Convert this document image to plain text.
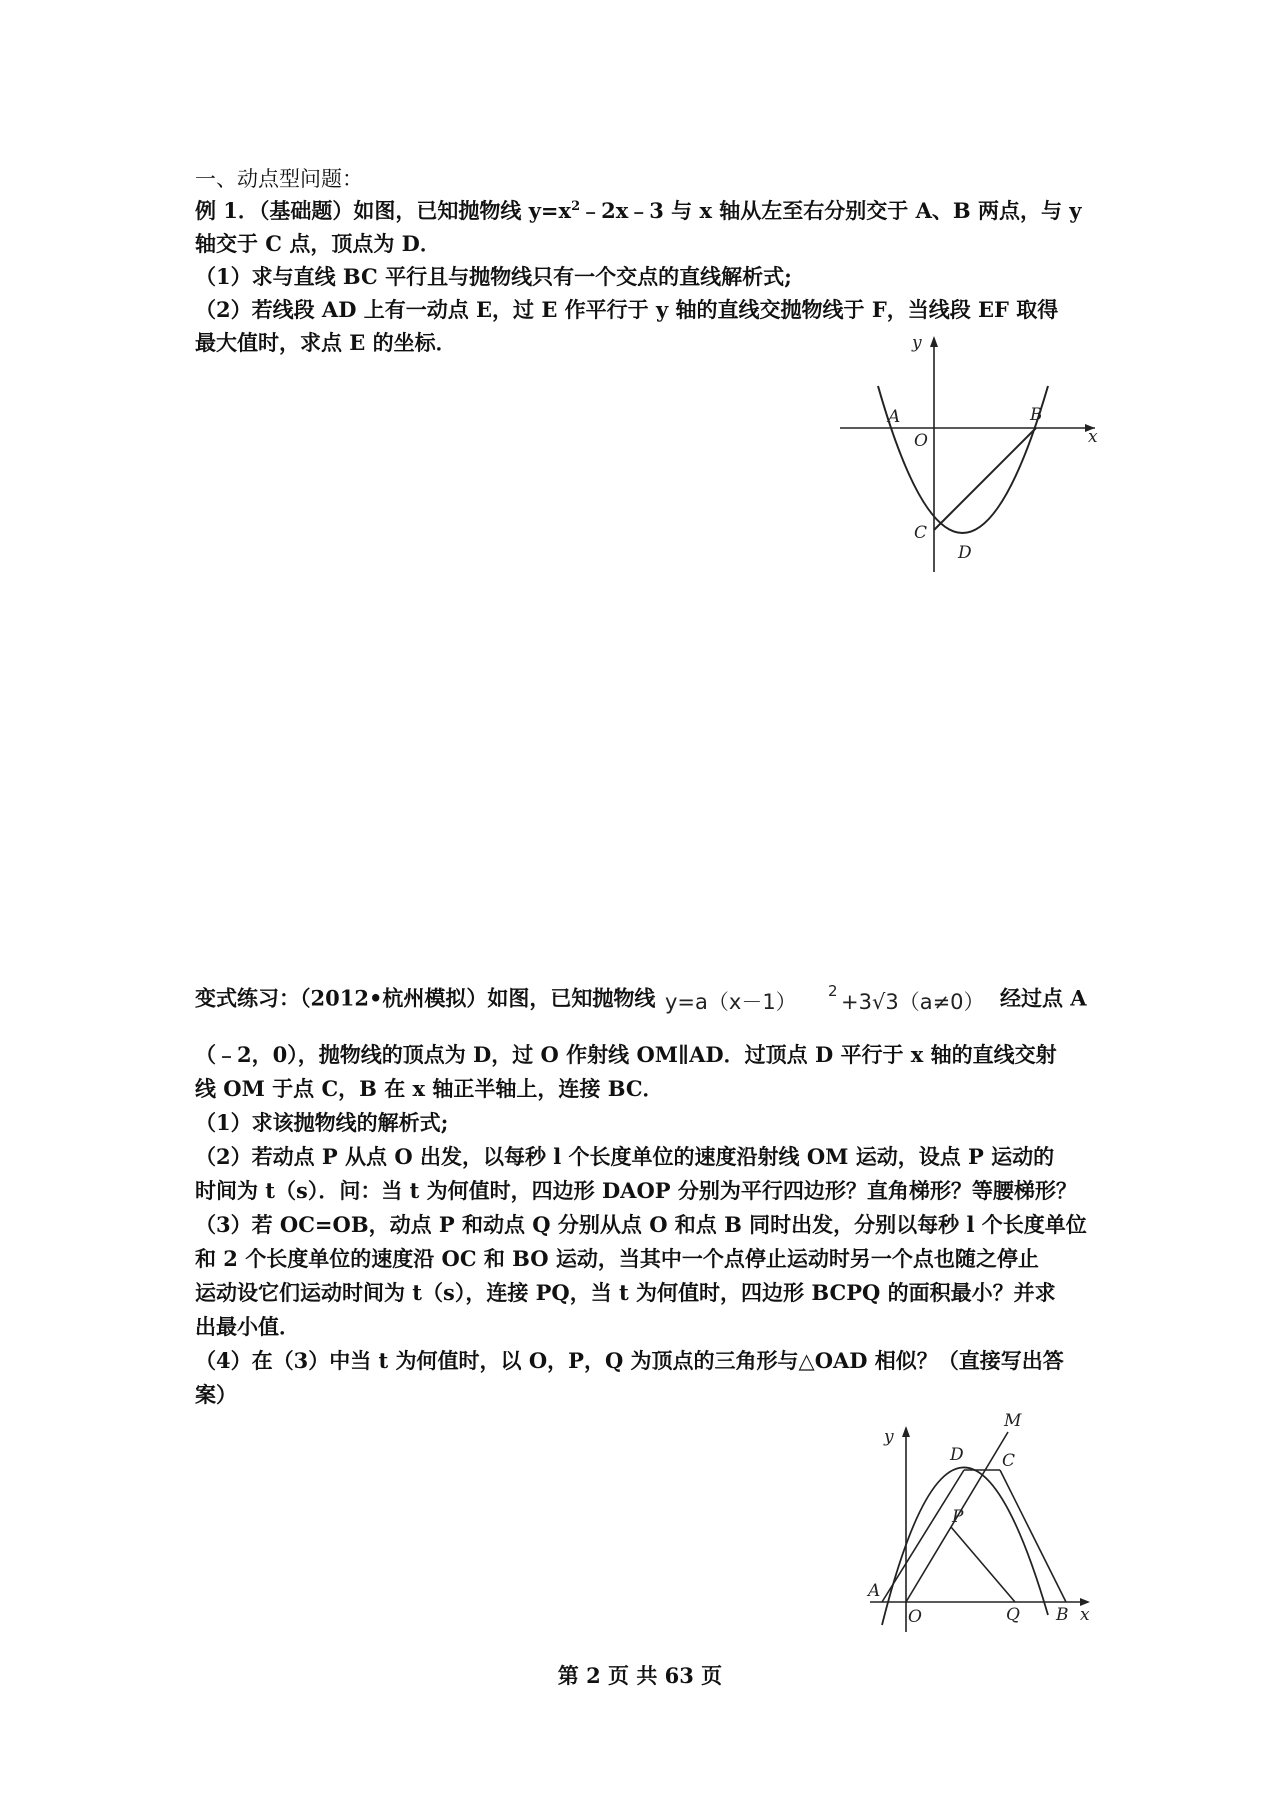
一、动点型问题：
例 1．（基础题）如图，已知抛物线 $y=x^2﹣2x﹣3$ 与 x 轴从左至右分别交于 A、B 两点，与 y
轴交于 C 点，顶点为 D．
（1）求与直线 BC 平行且与抛物线只有一个交点的直线解析式;
（2）若线段 AD 上有一动点 E，过 E 作平行于 y 轴的直线交抛物线于 F，当线段 EF 取得
最大值时，求点 E 的坐标．	y
x
A	B
O
C
D
变式练习：（2012•杭州模拟）如图，已知抛物线 y=a（x－1） 2 +3√3（a≠0） 经过点 A
（﹣2，0），抛物线的顶点为 D，过 O 作射线 OM∥AD．过顶点 D 平行于 x 轴的直线交射
线 OM 于点 C，B 在 x 轴正半轴上，连接 BC．
（1）求该抛物线的解析式;
（2）若动点 P 从点 O 出发，以每秒 l 个长度单位的速度沿射线 OM 运动，设点 P 运动的
时间为 t（s）．问：当 t 为何值时，四边形 DAOP 分别为平行四边形？直角梯形？等腰梯形？
（3）若 OC=OB，动点 P 和动点 Q 分别从点 O 和点 B 同时出发，分别以每秒 l 个长度单位
和 2 个长度单位的速度沿 OC 和 BO 运动，当其中一个点停止运动时另一个点也随之停止
运动设它们运动时间为 t（s），连接 PQ，当 t 为何值时，四边形 BCPQ 的面积最小？并求
出最小值．
（4）在（3）中当 t 为何值时，以 O，P，Q 为顶点的三角形与△OAD 相似？（直接写出答
案）
y
x
M
D C
P
A
O	Q B
第 2 页 共 63 页
